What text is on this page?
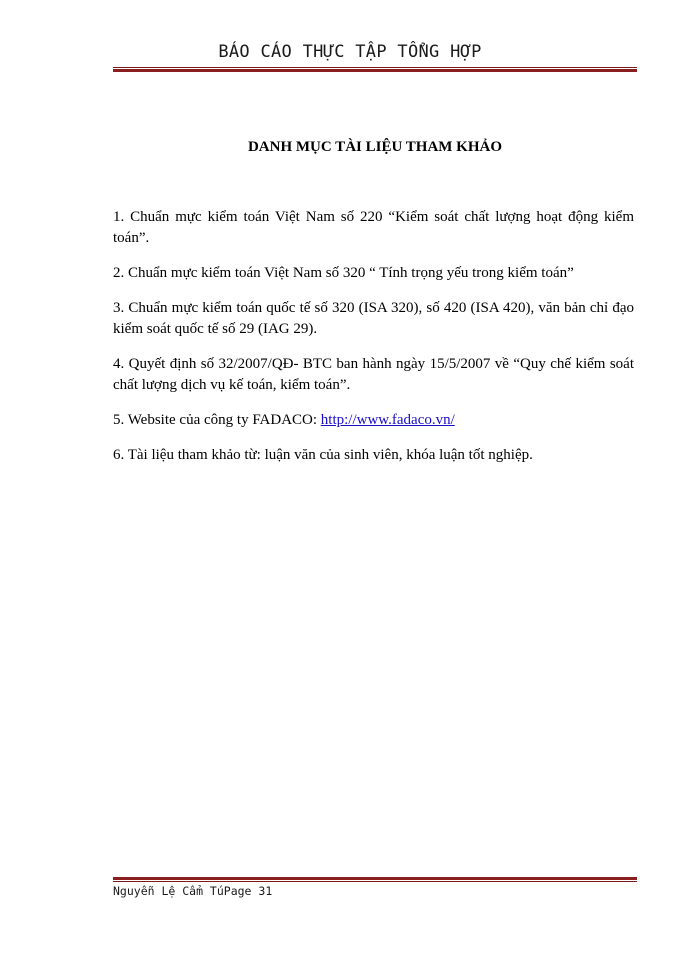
BÁO CÁO THỰC TẬP TỔNG HỢP
DANH MỤC TÀI LIỆU THAM KHẢO
1. Chuẩn mực kiểm toán Việt Nam số 220 “Kiểm soát chất lượng hoạt động kiểm toán”.
2. Chuẩn mực kiểm toán Việt Nam số 320 “ Tính trọng yếu trong kiểm toán”
3. Chuẩn mực kiểm toán quốc tế số 320 (ISA 320), số 420 (ISA 420), văn bản chỉ đạo kiểm soát quốc tế số 29 (IAG 29).
4. Quyết định số 32/2007/QĐ- BTC ban hành ngày 15/5/2007 về “Quy chế kiểm soát chất lượng dịch vụ kế toán, kiểm toán”.
5. Website của công ty FADACO: http://www.fadaco.vn/
6. Tài liệu tham khảo từ: luận văn của sinh viên, khóa luận tốt nghiệp.
Nguyễn Lệ Cẩm TúPage 31
